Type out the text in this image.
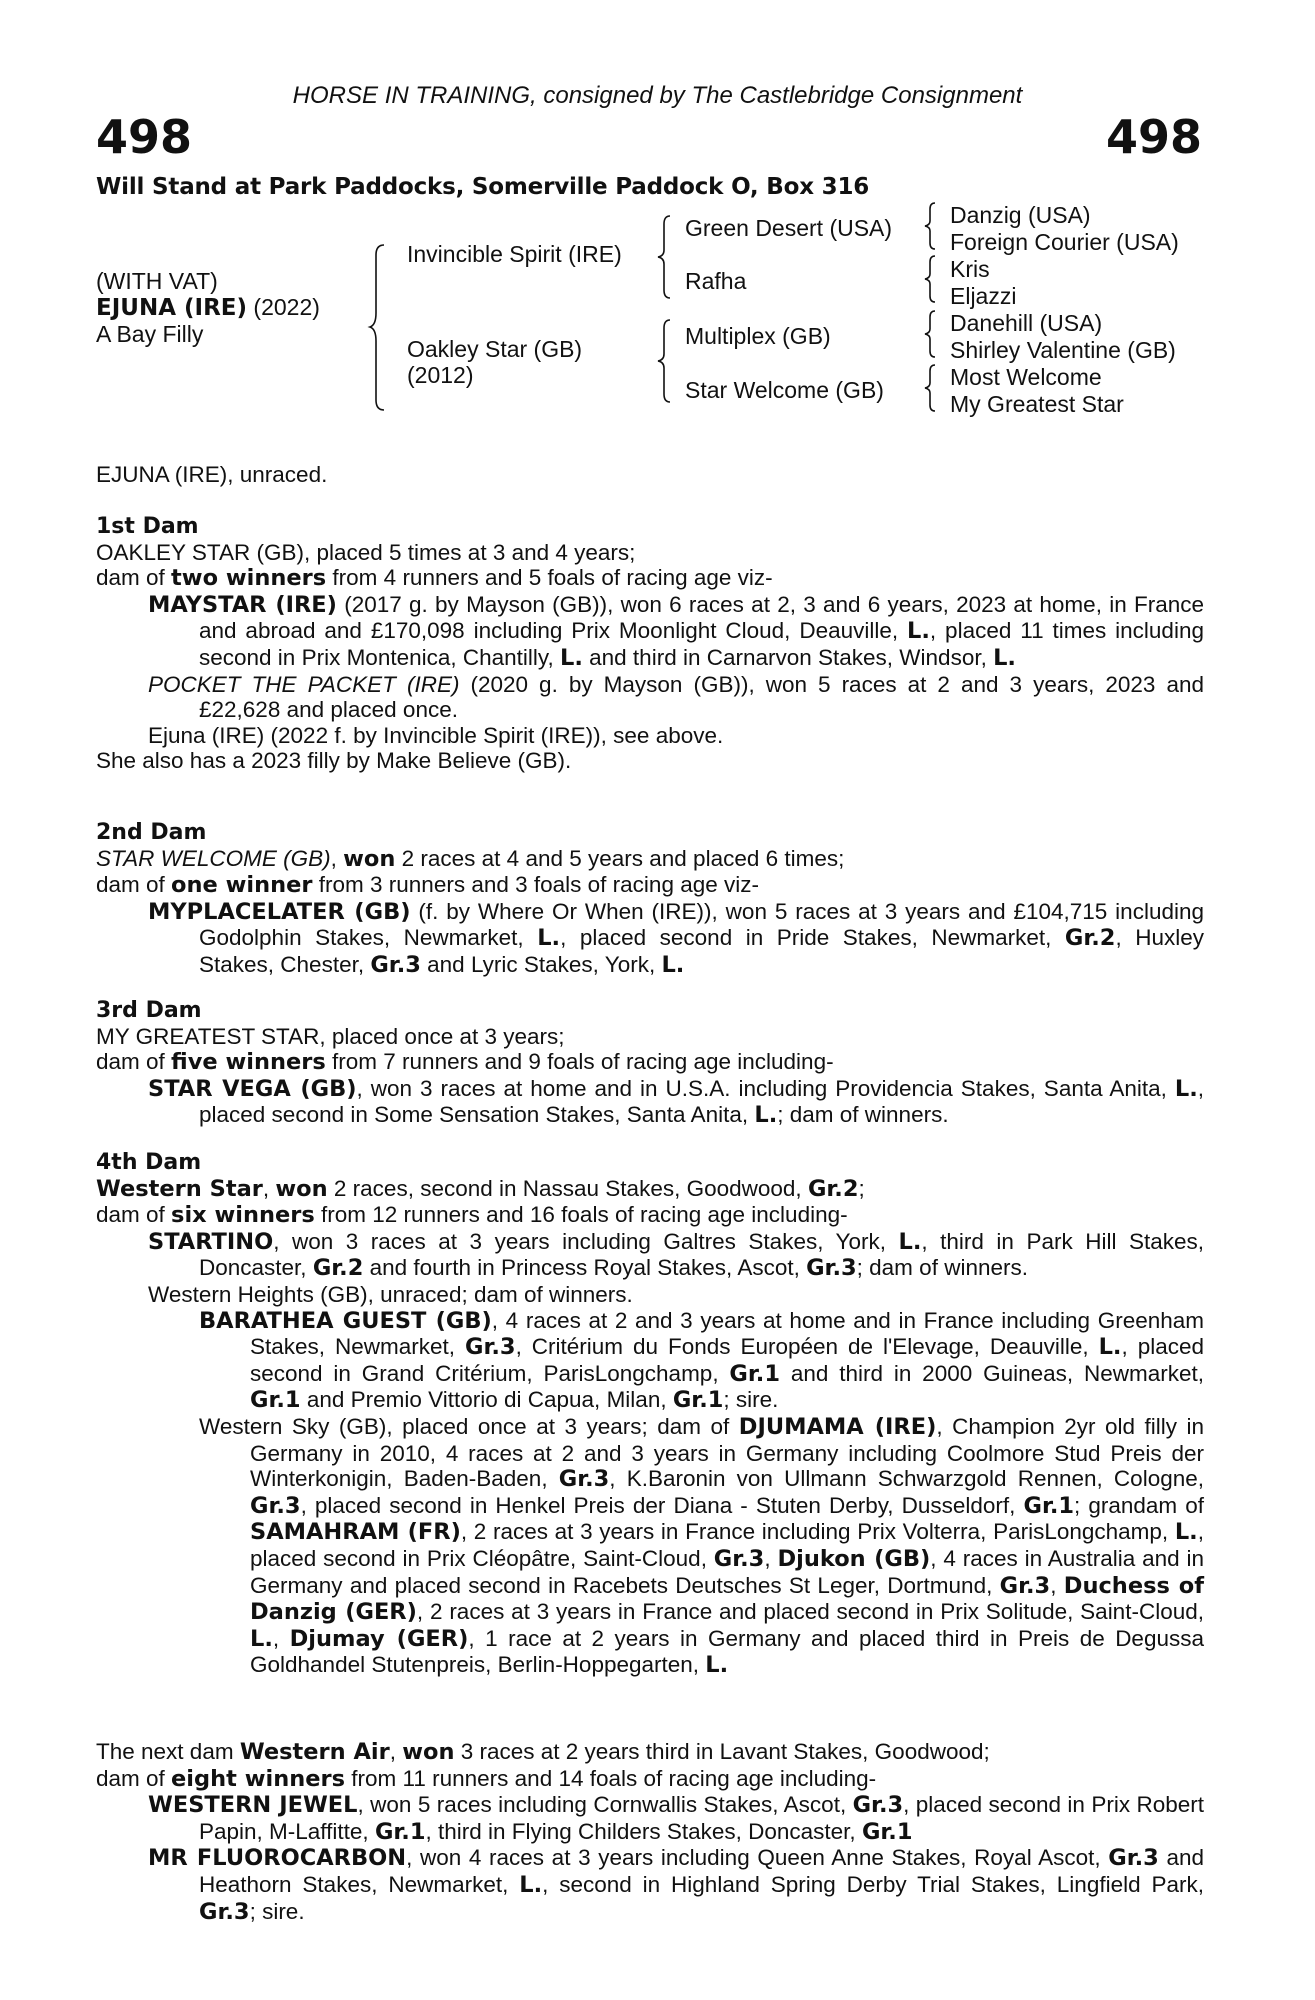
HORSE IN TRAINING, consigned by The Castlebridge Consignment
498	498
Will Stand at Park Paddocks, Somerville Paddock O, Box 316
(WITH VAT)
EJUNA (IRE) (2022)
A Bay Filly
Invincible Spirit (IRE)
Oakley Star (GB)
(2012)
Green Desert (USA)
Rafha
Multiplex (GB)
Star Welcome (GB)
Danzig (USA)
Foreign Courier (USA)
Kris
Eljazzi
Danehill (USA)
Shirley Valentine (GB)
Most Welcome
My Greatest Star

EJUNA (IRE), unraced.

1st Dam

OAKLEY STAR (GB), placed 5 times at 3 and 4 years;

dam of two winners from 4 runners and 5 foals of racing age viz-

MAYSTAR (IRE) (2017 g. by Mayson (GB)), won 6 races at 2, 3 and 6 years, 2023 at home, in France and abroad and £170,098 including Prix Moonlight Cloud, Deauville, L., placed 11 times including second in Prix Montenica, Chantilly, L. and third in Carnarvon Stakes, Windsor, L.

POCKET THE PACKET (IRE) (2020 g. by Mayson (GB)), won 5 races at 2 and 3 years, 2023 and £22,628 and placed once.

Ejuna (IRE) (2022 f. by Invincible Spirit (IRE)), see above.

She also has a 2023 filly by Make Believe (GB).

2nd Dam

STAR WELCOME (GB), won 2 races at 4 and 5 years and placed 6 times;

dam of one winner from 3 runners and 3 foals of racing age viz-

MYPLACELATER (GB) (f. by Where Or When (IRE)), won 5 races at 3 years and £104,715 including Godolphin Stakes, Newmarket, L., placed second in Pride Stakes, Newmarket, Gr.2, Huxley Stakes, Chester, Gr.3 and Lyric Stakes, York, L.

3rd Dam

MY GREATEST STAR, placed once at 3 years;

dam of five winners from 7 runners and 9 foals of racing age including-

STAR VEGA (GB), won 3 races at home and in U.S.A. including Providencia Stakes, Santa Anita, L., placed second in Some Sensation Stakes, Santa Anita, L.; dam of winners.

4th Dam

Western Star, won 2 races, second in Nassau Stakes, Goodwood, Gr.2;

dam of six winners from 12 runners and 16 foals of racing age including-

STARTINO, won 3 races at 3 years including Galtres Stakes, York, L., third in Park Hill Stakes, Doncaster, Gr.2 and fourth in Princess Royal Stakes, Ascot, Gr.3; dam of winners.

Western Heights (GB), unraced; dam of winners.

BARATHEA GUEST (GB), 4 races at 2 and 3 years at home and in France including Greenham Stakes, Newmarket, Gr.3, Critérium du Fonds Européen de l'Elevage, Deauville, L., placed second in Grand Critérium, ParisLongchamp, Gr.1 and third in 2000 Guineas, Newmarket, Gr.1 and Premio Vittorio di Capua, Milan, Gr.1; sire.

Western Sky (GB), placed once at 3 years; dam of DJUMAMA (IRE), Champion 2yr old filly in Germany in 2010, 4 races at 2 and 3 years in Germany including Coolmore Stud Preis der Winterkonigin, Baden-Baden, Gr.3, K.Baronin von Ullmann Schwarzgold Rennen, Cologne, Gr.3, placed second in Henkel Preis der Diana - Stuten Derby, Dusseldorf, Gr.1; grandam of SAMAHRAM (FR), 2 races at 3 years in France including Prix Volterra, ParisLongchamp, L., placed second in Prix Cléopâtre, Saint-Cloud, Gr.3, Djukon (GB), 4 races in Australia and in Germany and placed second in Racebets Deutsches St Leger, Dortmund, Gr.3, Duchess of Danzig (GER), 2 races at 3 years in France and placed second in Prix Solitude, Saint-Cloud, L., Djumay (GER), 1 race at 2 years in Germany and placed third in Preis de Degussa Goldhandel Stutenpreis, Berlin-Hoppegarten, L.

The next dam Western Air, won 3 races at 2 years third in Lavant Stakes, Goodwood;

dam of eight winners from 11 runners and 14 foals of racing age including-

WESTERN JEWEL, won 5 races including Cornwallis Stakes, Ascot, Gr.3, placed second in Prix Robert Papin, M-Laffitte, Gr.1, third in Flying Childers Stakes, Doncaster, Gr.1

MR FLUOROCARBON, won 4 races at 3 years including Queen Anne Stakes, Royal Ascot, Gr.3 and Heathorn Stakes, Newmarket, L., second in Highland Spring Derby Trial Stakes, Lingfield Park, Gr.3; sire.
